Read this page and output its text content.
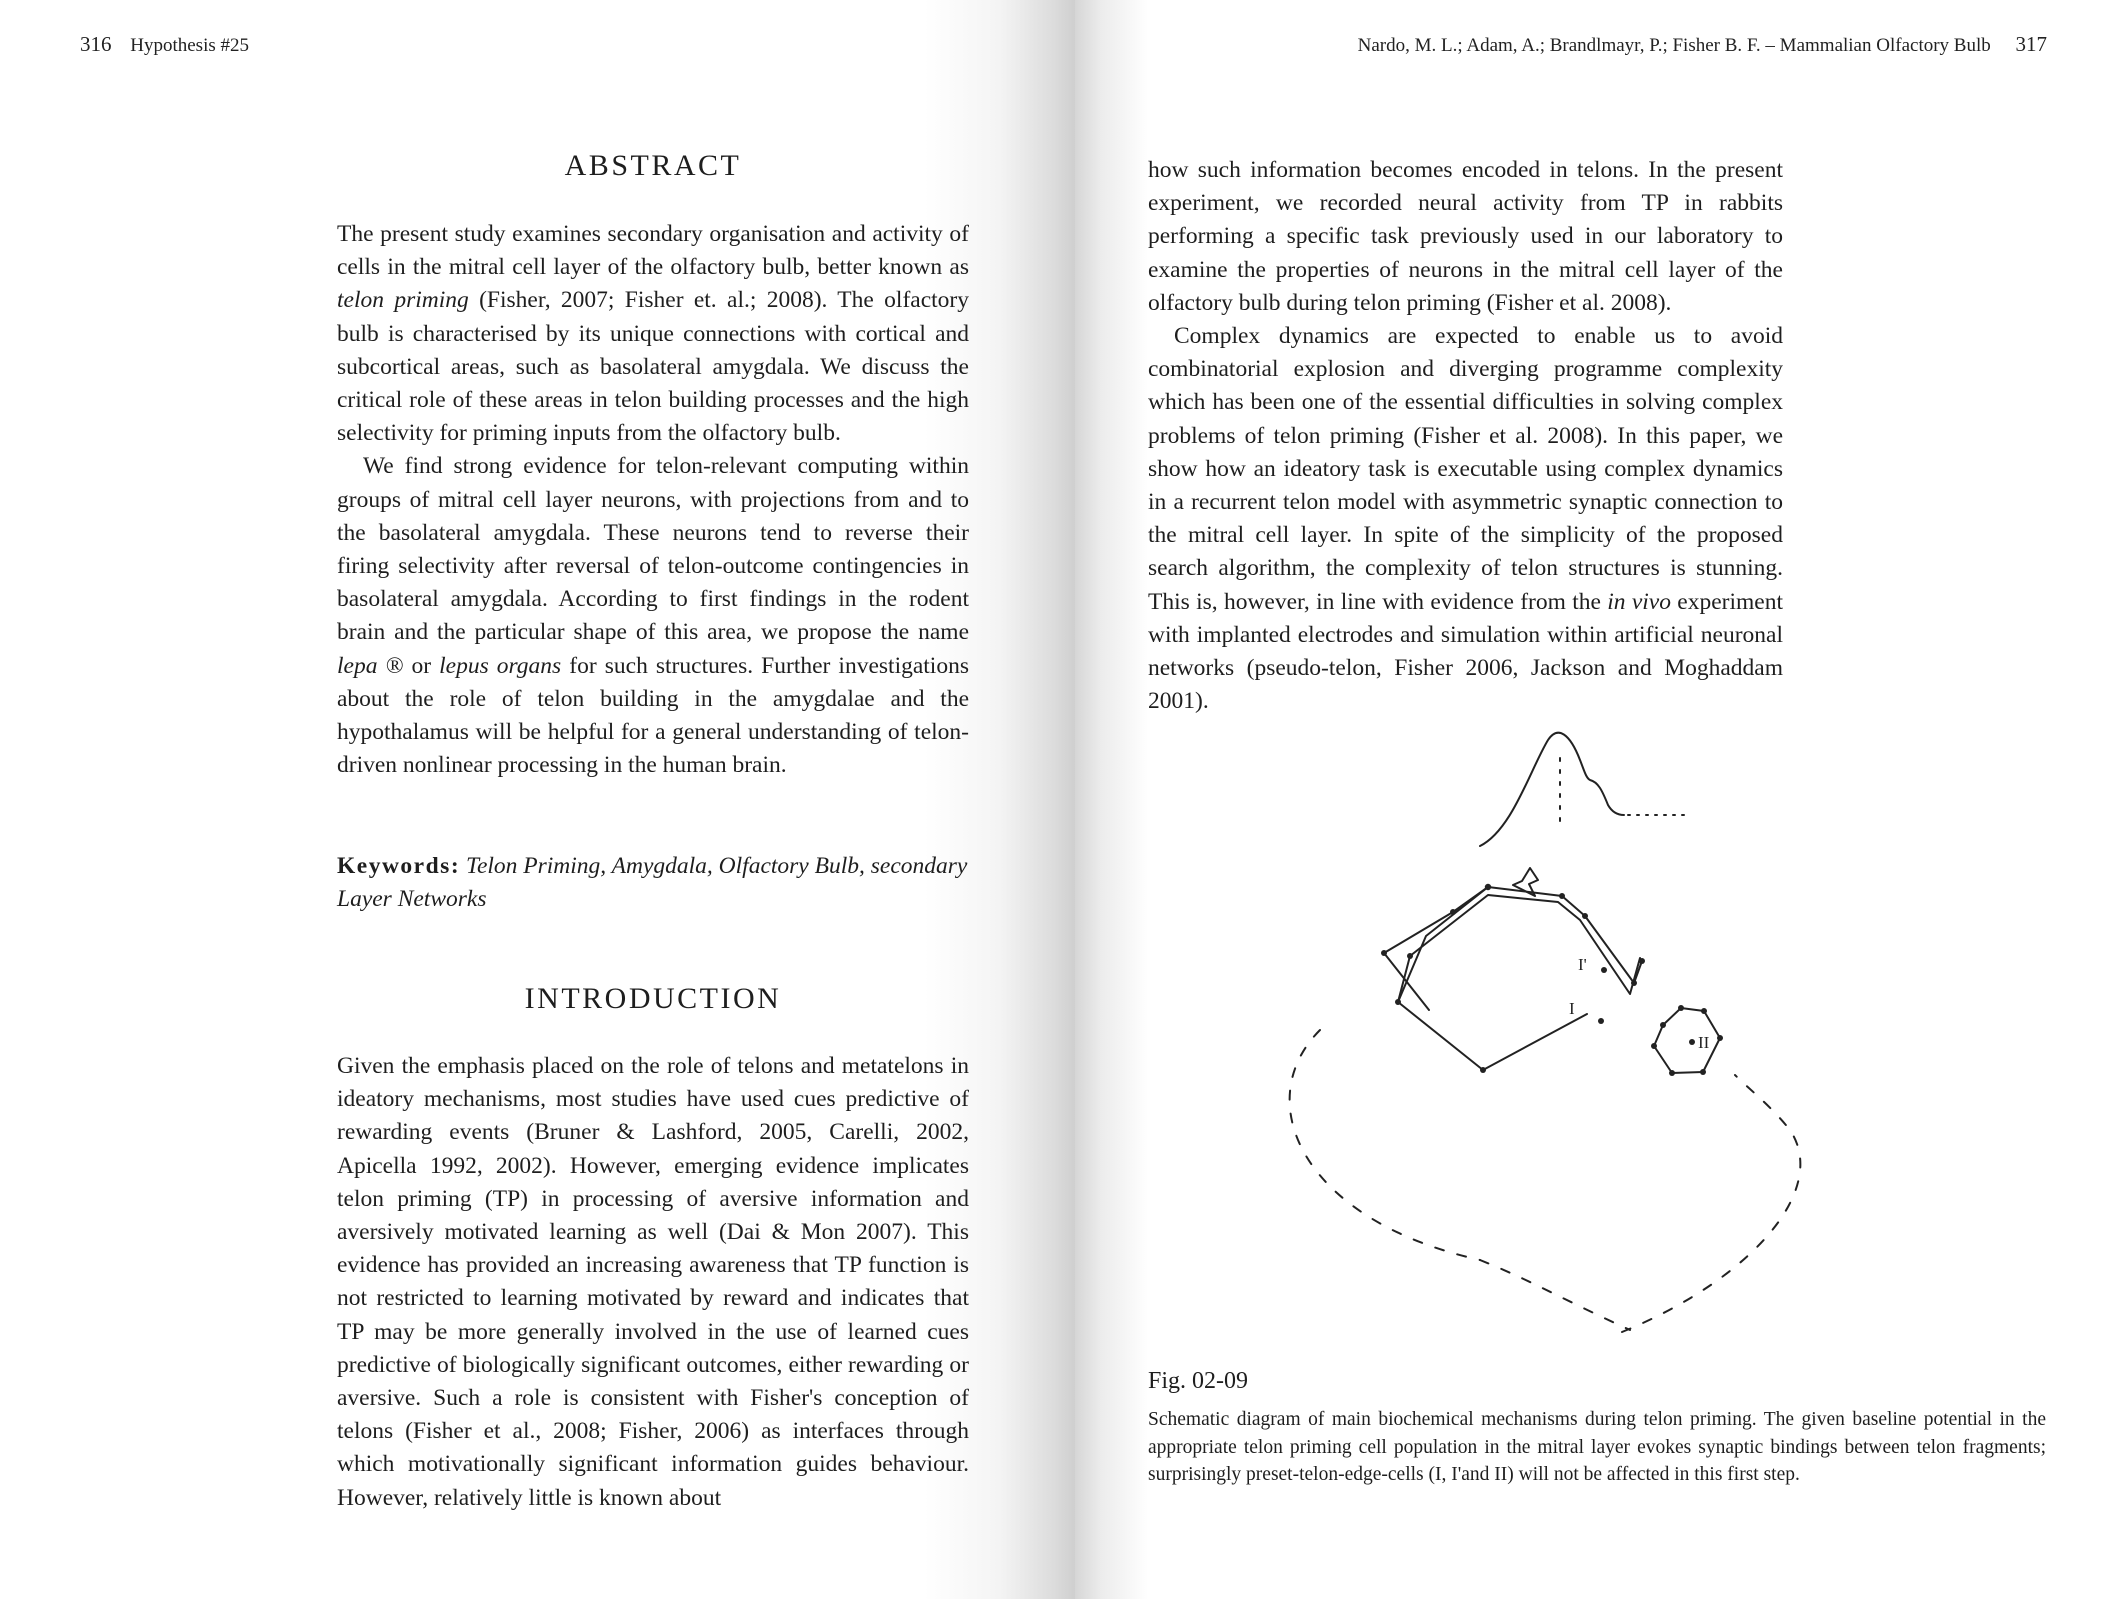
316 Hypothesis #25
ABSTRACT

The present study examines secondary organisation and activity of cells in the mitral cell layer of the olfactory bulb, better known as telon priming (Fisher, 2007; Fisher et. al.; 2008). The olfactory bulb is characterised by its unique connections with cortical and subcortical areas, such as basolateral amygdala. We discuss the critical role of these areas in telon building processes and the high selectivity for priming inputs from the olfactory bulb.

We find strong evidence for telon-relevant computing within groups of mitral cell layer neurons, with projections from and to the basolateral amygdala. These neurons tend to reverse their firing selectivity after reversal of telon-outcome contingencies in basolateral amygdala. According to first findings in the rodent brain and the particular shape of this area, we propose the name lepa ® or lepus organs for such structures. Further investigations about the role of telon building in the amygdalae and the hypothalamus will be helpful for a general understanding of telon-driven nonlinear processing in the human brain.

Keywords: Telon Priming, Amygdala, Olfactory Bulb, secondary Layer Networks
INTRODUCTION

Given the emphasis placed on the role of telons and metatelons in ideatory mechanisms, most studies have used cues predictive of rewarding events (Bruner & Lashford, 2005, Carelli, 2002, Apicella 1992, 2002). However, emerging evidence implicates telon priming (TP) in processing of aversive information and aversively motivated learning as well (Dai & Mon 2007). This evidence has provided an increasing awareness that TP function is not restricted to learning motivated by reward and indicates that TP may be more generally involved in the use of learned cues predictive of biologically significant outcomes, either rewarding or aversive. Such a role is consistent with Fisher's conception of telons (Fisher et al., 2008; Fisher, 2006) as interfaces through which motivationally significant information guides behaviour. However, relatively little is known about

Nardo, M. L.; Adam, A.; Brandlmayr, P.; Fisher B. F. – Mammalian Olfactory Bulb 317

how such information becomes encoded in telons. In the present experiment, we recorded neural activity from TP in rabbits performing a specific task previously used in our laboratory to examine the properties of neurons in the mitral cell layer of the olfactory bulb during telon priming (Fisher et al. 2008).

Complex dynamics are expected to enable us to avoid combinatorial explosion and diverging programme complexity which has been one of the essential difficulties in solving complex problems of telon priming (Fisher et al. 2008). In this paper, we show how an ideatory task is executable using complex dynamics in a recurrent telon model with asymmetric synaptic connection to the mitral cell layer. In spite of the simplicity of the proposed search algorithm, the complexity of telon structures is stunning. This is, however, in line with evidence from the in vivo experiment with implanted electrodes and simulation within artificial neuronal networks (pseudo-telon, Fisher 2006, Jackson and Moghaddam 2001).

I
I'
II
Fig. 02-09

Schematic diagram of main biochemical mechanisms during telon priming. The given baseline potential in the appropriate telon priming cell population in the mitral layer evokes synaptic bindings between telon fragments; surprisingly preset-telon-edge-cells (I, I'and II) will not be affected in this first step.
